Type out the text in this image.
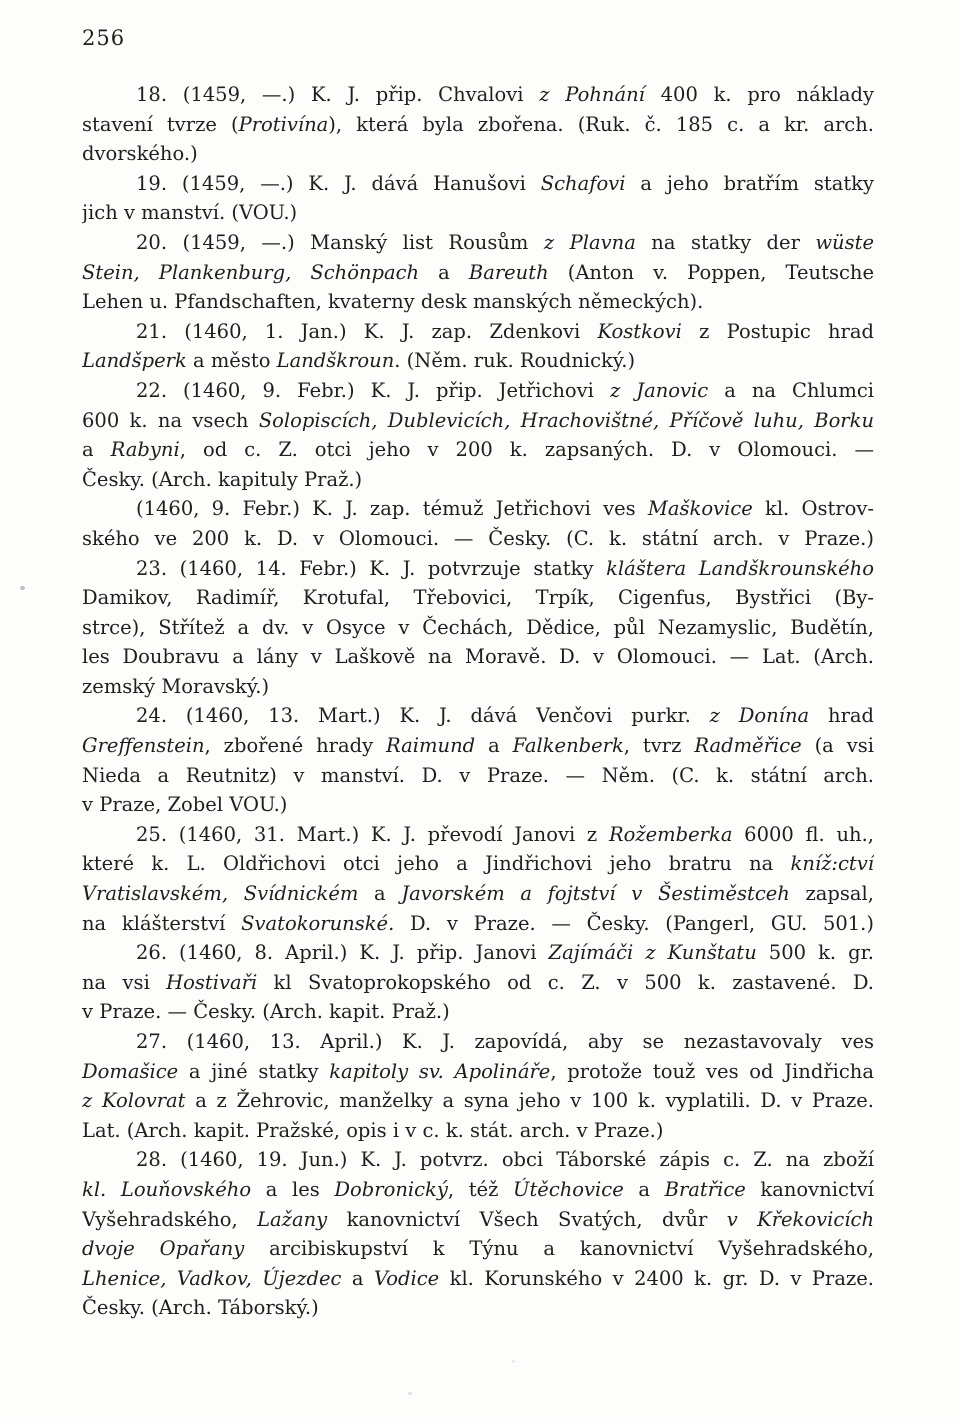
256
18. (1459, —.) K. J. přip. Chvalovi z Pohnání 400 k. pro náklady
stavení tvrze (Protivína), která byla zbořena. (Ruk. č. 185 c. a kr. arch.
dvorského.)
19. (1459, —.) K. J. dává Hanušovi Schafovi a jeho bratřím statky
jich v manství. (VOU.)
20. (1459, —.) Manský list Rousům z Plavna na statky der wüste
Stein, Plankenburg, Schönpach a Bareuth (Anton v. Poppen, Teutsche
Lehen u. Pfandschaften, kvaterny desk manských německých).
21. (1460, 1. Jan.) K. J. zap. Zdenkovi Kostkovi z Postupic hrad
Landšperk a město Landškroun. (Něm. ruk. Roudnický.)
22. (1460, 9. Febr.) K. J. přip. Jetřichovi z Janovic a na Chlumci
600 k. na vsech Solopiscích, Dublevicích, Hrachovištné, Příčově luhu, Borku
a Rabyni, od c. Z. otci jeho v 200 k. zapsaných. D. v Olomouci. —
Česky. (Arch. kapituly Praž.)
(1460, 9. Febr.) K. J. zap. témuž Jetřichovi ves Maškovice kl. Ostrov-
ského ve 200 k. D. v Olomouci. — Česky. (C. k. státní arch. v Praze.)
23. (1460, 14. Febr.) K. J. potvrzuje statky kláštera Landškrounského
Damikov, Radimíř, Krotufal, Třebovici, Trpík, Cigenfus, Bystřici (By-
strce), Střítež a dv. v Osyce v Čechách, Dědice, půl Nezamyslic, Budětín,
les Doubravu a lány v Laškově na Moravě. D. v Olomouci. — Lat. (Arch.
zemský Moravský.)
24. (1460, 13. Mart.) K. J. dává Venčovi purkr. z Donína hrad
Greffenstein, zbořené hrady Raimund a Falkenberk, tvrz Radměřice (a vsi
Nieda a Reutnitz) v manství. D. v Praze. — Něm. (C. k. státní arch.
v Praze, Zobel VOU.)
25. (1460, 31. Mart.) K. J. převodí Janovi z Rožemberka 6000 fl. uh.,
které k. L. Oldřichovi otci jeho a Jindřichovi jeho bratru na kníž:ctví
Vratislavském, Svídnickém a Javorském a fojtství v Šestiměstceh zapsal,
na klášterství Svatokorunské. D. v Praze. — Česky. (Pangerl, GU. 501.)
26. (1460, 8. April.) K. J. přip. Janovi Zajímáči z Kunštatu 500 k. gr.
na vsi Hostivaři kl Svatoprokopského od c. Z. v 500 k. zastavené. D.
v Praze. — Česky. (Arch. kapit. Praž.)
27. (1460, 13. April.) K. J. zapovídá, aby se nezastavovaly ves
Domašice a jiné statky kapitoly sv. Apolináře, protože touž ves od Jindřicha
z Kolovrat a z Žehrovic, manželky a syna jeho v 100 k. vyplatili. D. v Praze.
Lat. (Arch. kapit. Pražské, opis i v c. k. stát. arch. v Praze.)
28. (1460, 19. Jun.) K. J. potvrz. obci Táborské zápis c. Z. na zboží
kl. Louňovského a les Dobronický, též Útěchovice a Bratřice kanovnictví
Vyšehradského, Lažany kanovnictví Všech Svatých, dvůr v Křekovicích
dvoje Opařany arcibiskupství k Týnu a kanovnictví Vyšehradského,
Lhenice, Vadkov, Újezdec a Vodice kl. Korunského v 2400 k. gr. D. v Praze.
Česky. (Arch. Táborský.)
